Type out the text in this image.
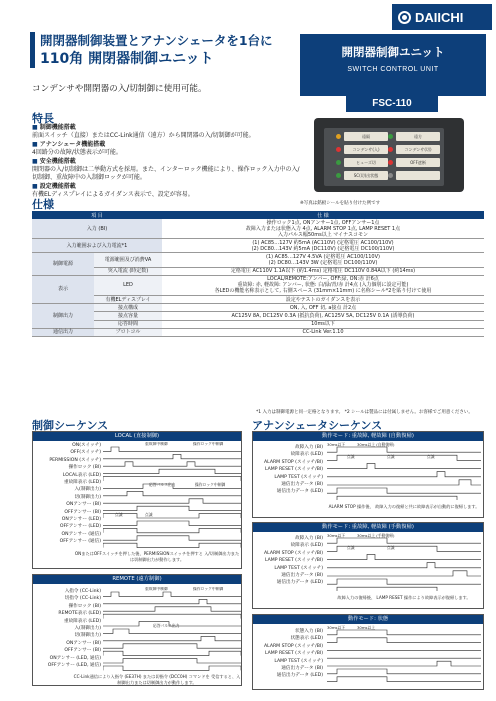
DAIICHI
開閉器制御装置とアナンシェータを1台に
110角 開閉器制御ユニット
コンデンサや開閉器の入/切制御に使用可能。
開閉器制御ユニット
SWITCH CONTROL UNIT
FSC-110
特長
■ 制御機能搭載
前面スイッチ（直接）またはCC-Link通信（遠方）から開閉器の入/切制御が可能。
■ アナンシェータ機能搭載
4回路分の故障/状態表示が可能。
■ 安全機能搭載
開閉器の入/切制御は二挙動方式を採用。また、インターロック機能により、操作ロック入力中の入/切制御、重故障中の入制御ロックが可能。
■ 設定機能搭載
有機ELディスプレイによるガイダンス表示で、設定が容易。
遠隔	遠方
コンデンサ(入)	コンデンサ(切)
ヒューズ切	OFF遮断
SC(切)出状態
仕様	※写真は銘板シールを貼り付けた例です
項 目		仕 様
入力 (BI)		操作ロック1点, ONアンサー1点, OFFアンサー1点
故障入力または状態入力 4点, ALARM STOP 1点, LAMP RESET 1点
入力パルス幅50ms以上 マイナスコモン
入力範囲および入力電流*1		(1) AC85…127V 約5mA (AC110V) (定格電圧 AC100/110V)
(2) DC80…143V 約5mA (DC110V) (定格電圧 DC100/110V)
制御電源	電源範囲及び消費VA	(1) AC85…127V 4.5VA (定格電圧 AC100/110V)
(2) DC80…143V 3W (定格電圧 DC100/110V)
	突入電流 (時定数)	定格電圧 AC110V 1.1A以下 (約1.4ms) 定格電圧 DC110V 0.84A以下 (約14ms)
表示	LED	LOCAL/REMOTE:アンバー, OFF:緑, ON:赤 計6点
重故障: 赤, 軽故障: アンバー, 状態: 白/緑/青/赤 計4点 (入力個別に設定可能)
各LEDの機能名称表示として, 右側スペース (31mm×11mm) に名称シール*2を貼り付けて使用
	有機ELディスプレイ	設定やテストのガイダンスを表示
制御出力	接点構成	ON, 入, OFF 切, a接点 計2点
	接点容量	AC125V 8A, DC125V 0.3A (抵抗負荷), AC125V 5A, DC125V 0.1A (誘導負荷)
	応答時間	10ms以下
通信出力	プロトコル	CC-Link Ver.1.10
*1 入力は制御電源と同一定格となります。 *2 シールは製品には付属しません。お客様でご用意ください。
制御シーケンス	アナンシェータシーケンス
LOCAL (直接制御)
ON(スイッチ)
OFF(スイッチ)
PERMISSION (スイッチ)
操作ロック (BI)
LOCAL表示 (LED)
重故障表示 (LED)
入(制御出力)
切(制御出力)
ONアンサー (BI)
OFFアンサー (BI)
ONアンサー (LED)
OFFアンサー (LED)
ONアンサー (通信)
OFFアンサー (通信)
重故障中制御	操作ロック中制御
応答パルス出力	操作ロック中制御
点滅	点滅
ONまたはOFFスイッチを押した後、PERMISSIONスイッチを押すと 入/切制御出力または切制御出力が動作します。
REMOTE (遠方制御)
入指令 (CC-Link)
切指令 (CC-Link)
操作ロック (BI)
REMOTE表示 (LED)
重故障表示 (LED)
入(制御出力)
切(制御出力)
ONアンサー (BI)
OFFアンサー (BI)
ONアンサー (LED, 通信)
OFFアンサー (LED, 通信)
重故障中制御	操作ロック中制御
応答パルス出力
CC-Link通信により入指令 (EE37H) または切指令 (DCC0H) コマンドを 受信すると、入制御出力または切制御出力が動作します。
動作モード: 重故障, 軽故障 (自動復帰)
故障入力 (BI)
故障表示 (LED)
ALARM STOP (スイッチ/BI)
LAMP RESET (スイッチ/BI)
LAMP TEST (スイッチ)
通信出力データ (BI)
通信出力データ (LED)
30ms以下	30ms以上 (自動復帰)
点滅	点滅	点滅
ALARM STOP 操作後、 故障入力の復帰と共に故障表示が自動的に復帰します。
動作モード: 重故障, 軽故障 (手動復帰)
故障入力 (BI)
故障表示 (LED)
ALARM STOP (スイッチ/BI)
LAMP RESET (スイッチ/BI)
LAMP TEST (スイッチ)
通信出力データ (BI)
通信出力データ (LED)
30ms以下	30ms以上 (手動復帰)
点滅	点滅
故障入力の復帰後、 LAMP RESET 操作により故障表示が復帰します。
動作モード: 状態
状態入力 (BI)
状態表示 (LED)
ALARM STOP (スイッチ/BI)
LAMP RESET (スイッチ/BI)
LAMP TEST (スイッチ)
通信出力データ (BI)
通信出力データ (LED)
30ms以下	30ms以上
